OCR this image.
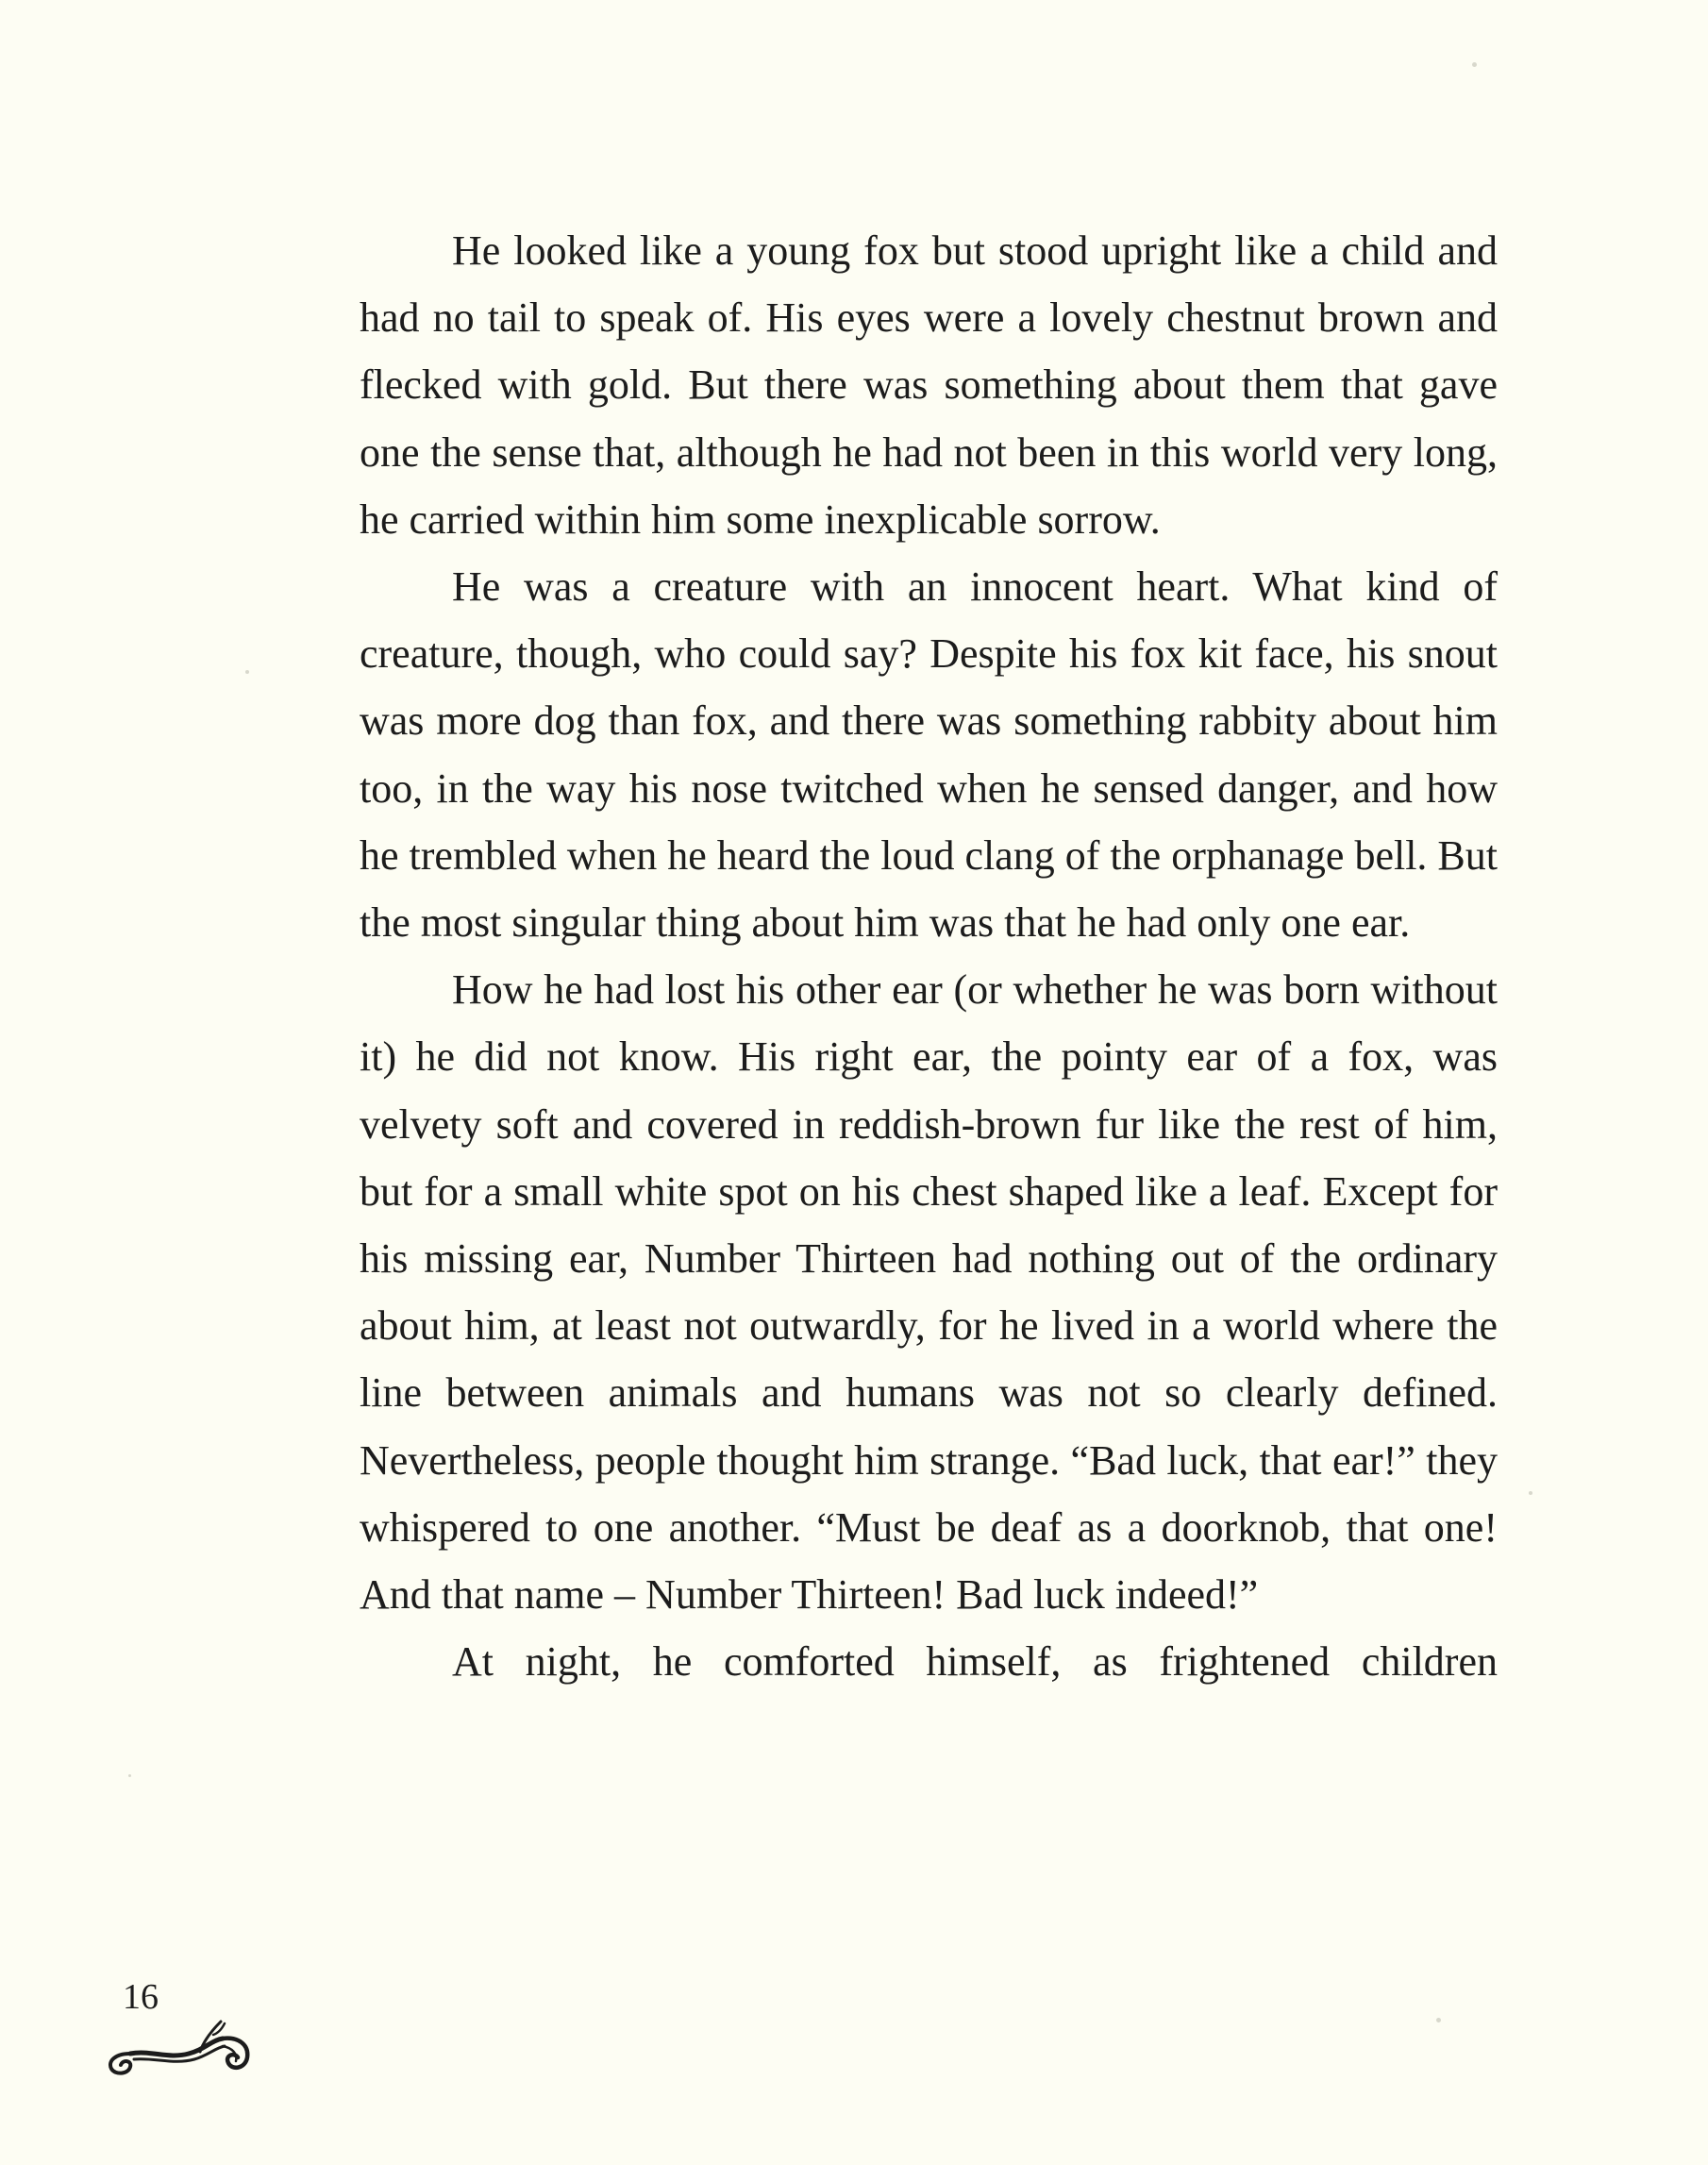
He looked like a young fox but stood upright like a child and had no tail to speak of. His eyes were a lovely chestnut brown and flecked with gold. But there was something about them that gave one the sense that, although he had not been in this world very long, he carried within him some inexplicable sorrow.

He was a creature with an innocent heart. What kind of creature, though, who could say? Despite his fox kit face, his snout was more dog than fox, and there was something rabbity about him too, in the way his nose twitched when he sensed danger, and how he trembled when he heard the loud clang of the orphanage bell. But the most singular thing about him was that he had only one ear.

How he had lost his other ear (or whether he was born without it) he did not know. His right ear, the pointy ear of a fox, was velvety soft and covered in reddish-brown fur like the rest of him, but for a small white spot on his chest shaped like a leaf. Except for his missing ear, Number Thirteen had nothing out of the ordinary about him, at least not outwardly, for he lived in a world where the line between animals and humans was not so clearly defined. Nevertheless, people thought him strange. “Bad luck, that ear!” they whispered to one another. “Must be deaf as a doorknob, that one! And that name – Number Thirteen! Bad luck indeed!”

At night, he comforted himself, as frightened children

16
